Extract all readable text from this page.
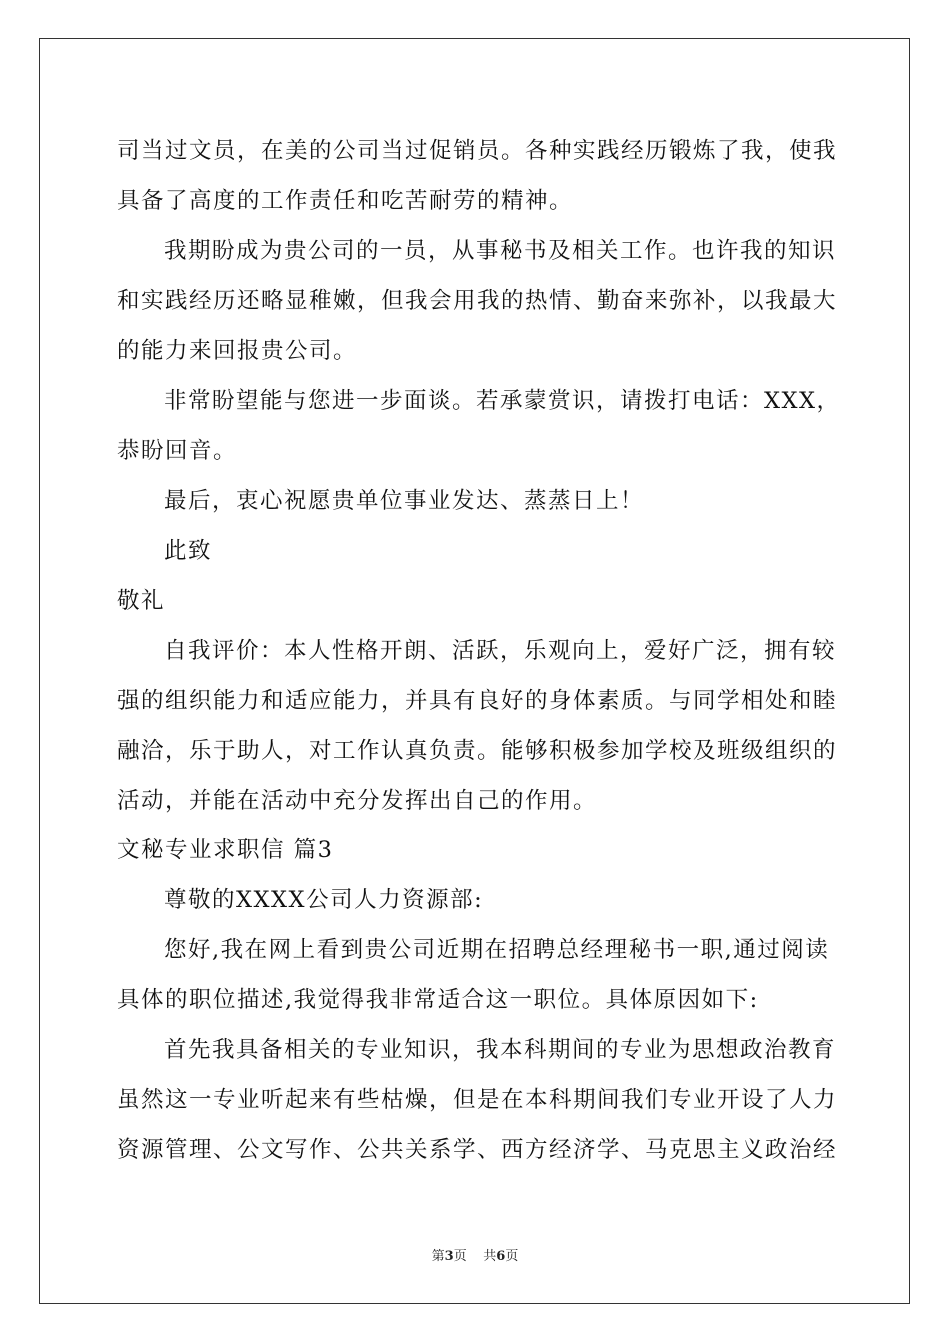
司当过文员，在美的公司当过促销员。各种实践经历锻炼了我，使我
具备了高度的工作责任和吃苦耐劳的精神。
我期盼成为贵公司的一员，从事秘书及相关工作。也许我的知识
和实践经历还略显稚嫩，但我会用我的热情、勤奋来弥补，以我最大
的能力来回报贵公司。
非常盼望能与您进一步面谈。若承蒙赏识，请拨打电话：XXX，
恭盼回音。
最后，衷心祝愿贵单位事业发达、蒸蒸日上！
此致
敬礼
自我评价：本人性格开朗、活跃，乐观向上，爱好广泛，拥有较
强的组织能力和适应能力，并具有良好的身体素质。与同学相处和睦
融洽，乐于助人，对工作认真负责。能够积极参加学校及班级组织的
活动，并能在活动中充分发挥出自己的作用。
文秘专业求职信 篇3
尊敬的XXXX公司人力资源部:
您好,我在网上看到贵公司近期在招聘总经理秘书一职,通过阅读
具体的职位描述,我觉得我非常适合这一职位。具体原因如下:
首先我具备相关的专业知识，我本科期间的专业为思想政治教育
虽然这一专业听起来有些枯燥，但是在本科期间我们专业开设了人力
资源管理、公文写作、公共关系学、西方经济学、马克思主义政治经
第3页 共6页
